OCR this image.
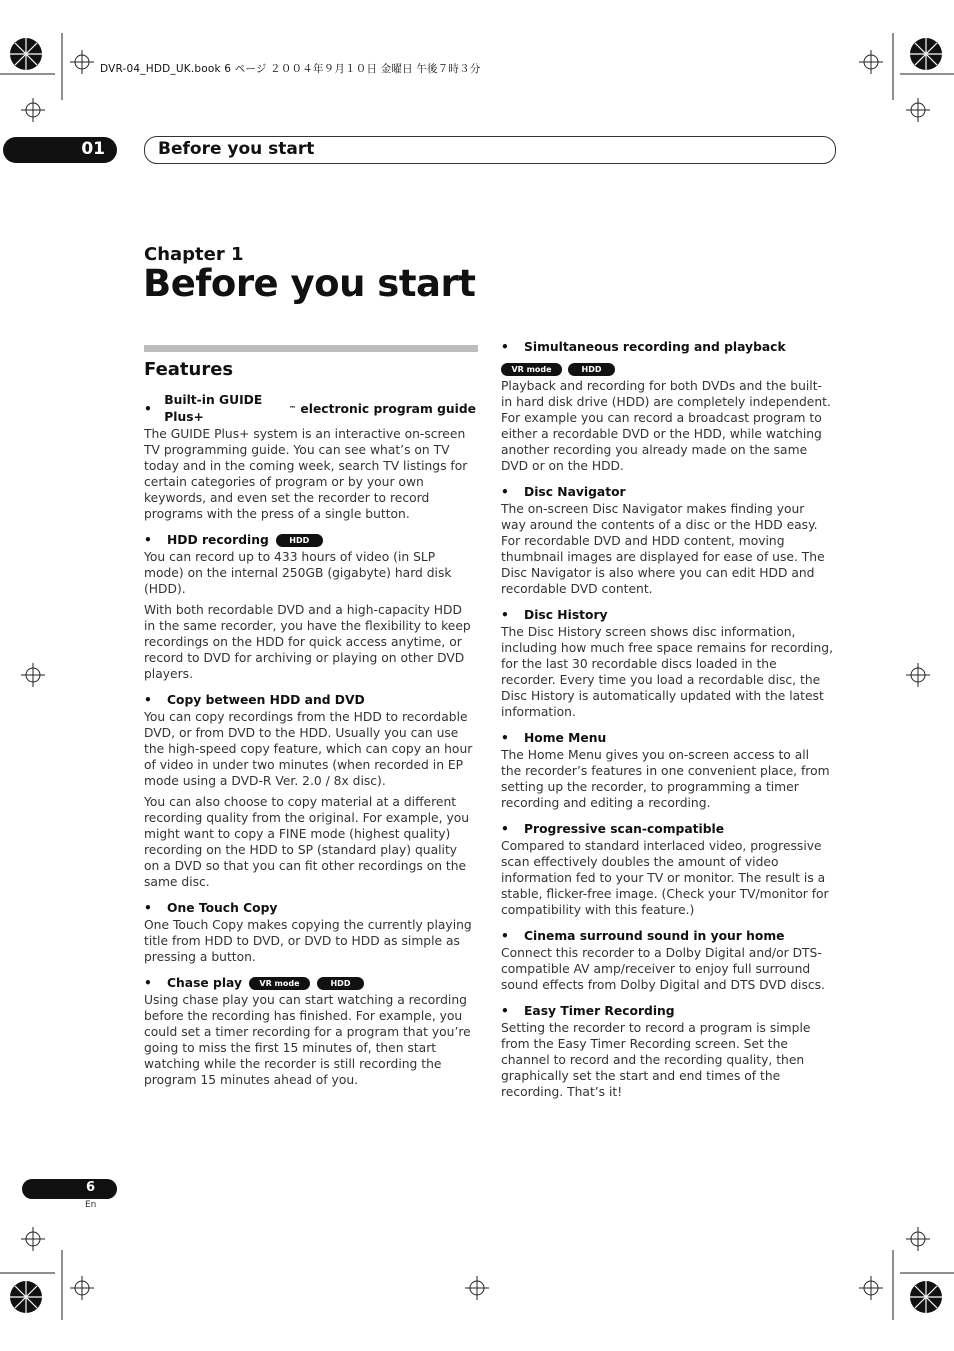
DVR-04_HDD_UK.book 6 ページ ２００４年９月１０日 金曜日 午後７時３分
01	Before you start
Chapter 1
Before you start
Features
•
Built-in GUIDE Plus+
™ electronic program guide

The GUIDE Plus+ system is an interactive on-screen TV programming guide. You can see what’s on TV today and in the coming week, search TV listings for certain categories of program or by your own keywords, and even set the recorder to record programs with the press of a single button.

•	HDD recording	HDD

You can record up to 433 hours of video (in SLP mode) on the internal 250GB (gigabyte) hard disk (HDD).

With both recordable DVD and a high-capacity HDD in the same recorder, you have the flexibility to keep recordings on the HDD for quick access anytime, or record to DVD for archiving or playing on other DVD players.

•	Copy between HDD and DVD

You can copy recordings from the HDD to recordable DVD, or from DVD to the HDD. Usually you can use the high-speed copy feature, which can copy an hour of video in under two minutes (when recorded in EP mode using a DVD-R Ver. 2.0 / 8x disc).

You can also choose to copy material at a different recording quality from the original. For example, you might want to copy a FINE mode (highest quality) recording on the HDD to SP (standard play) quality on a DVD so that you can fit other recordings on the same disc.

•	One Touch Copy

One Touch Copy makes copying the currently playing title from HDD to DVD, or DVD to HDD as simple as pressing a button.

•	Chase play	VR mode	HDD

Using chase play you can start watching a recording before the recording has finished. For example, you could set a timer recording for a program that you’re going to miss the first 15 minutes of, then start watching while the recorder is still recording the program 15 minutes ahead of you.

•	Simultaneous recording and playback
VR mode	HDD

Playback and recording for both DVDs and the built-in hard disk drive (HDD) are completely independent. For example you can record a broadcast program to either a recordable DVD or the HDD, while watching another recording you already made on the same DVD or on the HDD.

•	Disc Navigator

The on-screen Disc Navigator makes finding your way around the contents of a disc or the HDD easy. For recordable DVD and HDD content, moving thumbnail images are displayed for ease of use. The Disc Navigator is also where you can edit HDD and recordable DVD content.

•	Disc History

The Disc History screen shows disc information, including how much free space remains for recording, for the last 30 recordable discs loaded in the recorder. Every time you load a recordable disc, the Disc History is automatically updated with the latest information.

•	Home Menu

The Home Menu gives you on-screen access to all the recorder’s features in one convenient place, from setting up the recorder, to programming a timer recording and editing a recording.

•	Progressive scan-compatible

Compared to standard interlaced video, progressive scan effectively doubles the amount of video information fed to your TV or monitor. The result is a stable, flicker-free image. (Check your TV/monitor for compatibility with this feature.)

•	Cinema surround sound in your home

Connect this recorder to a Dolby Digital and/or DTS-compatible AV amp/receiver to enjoy full surround sound effects from Dolby Digital and DTS DVD discs.

•	Easy Timer Recording

Setting the recorder to record a program is simple from the Easy Timer Recording screen. Set the channel to record and the recording quality, then graphically set the start and end times of the recording. That’s it!

6
En
